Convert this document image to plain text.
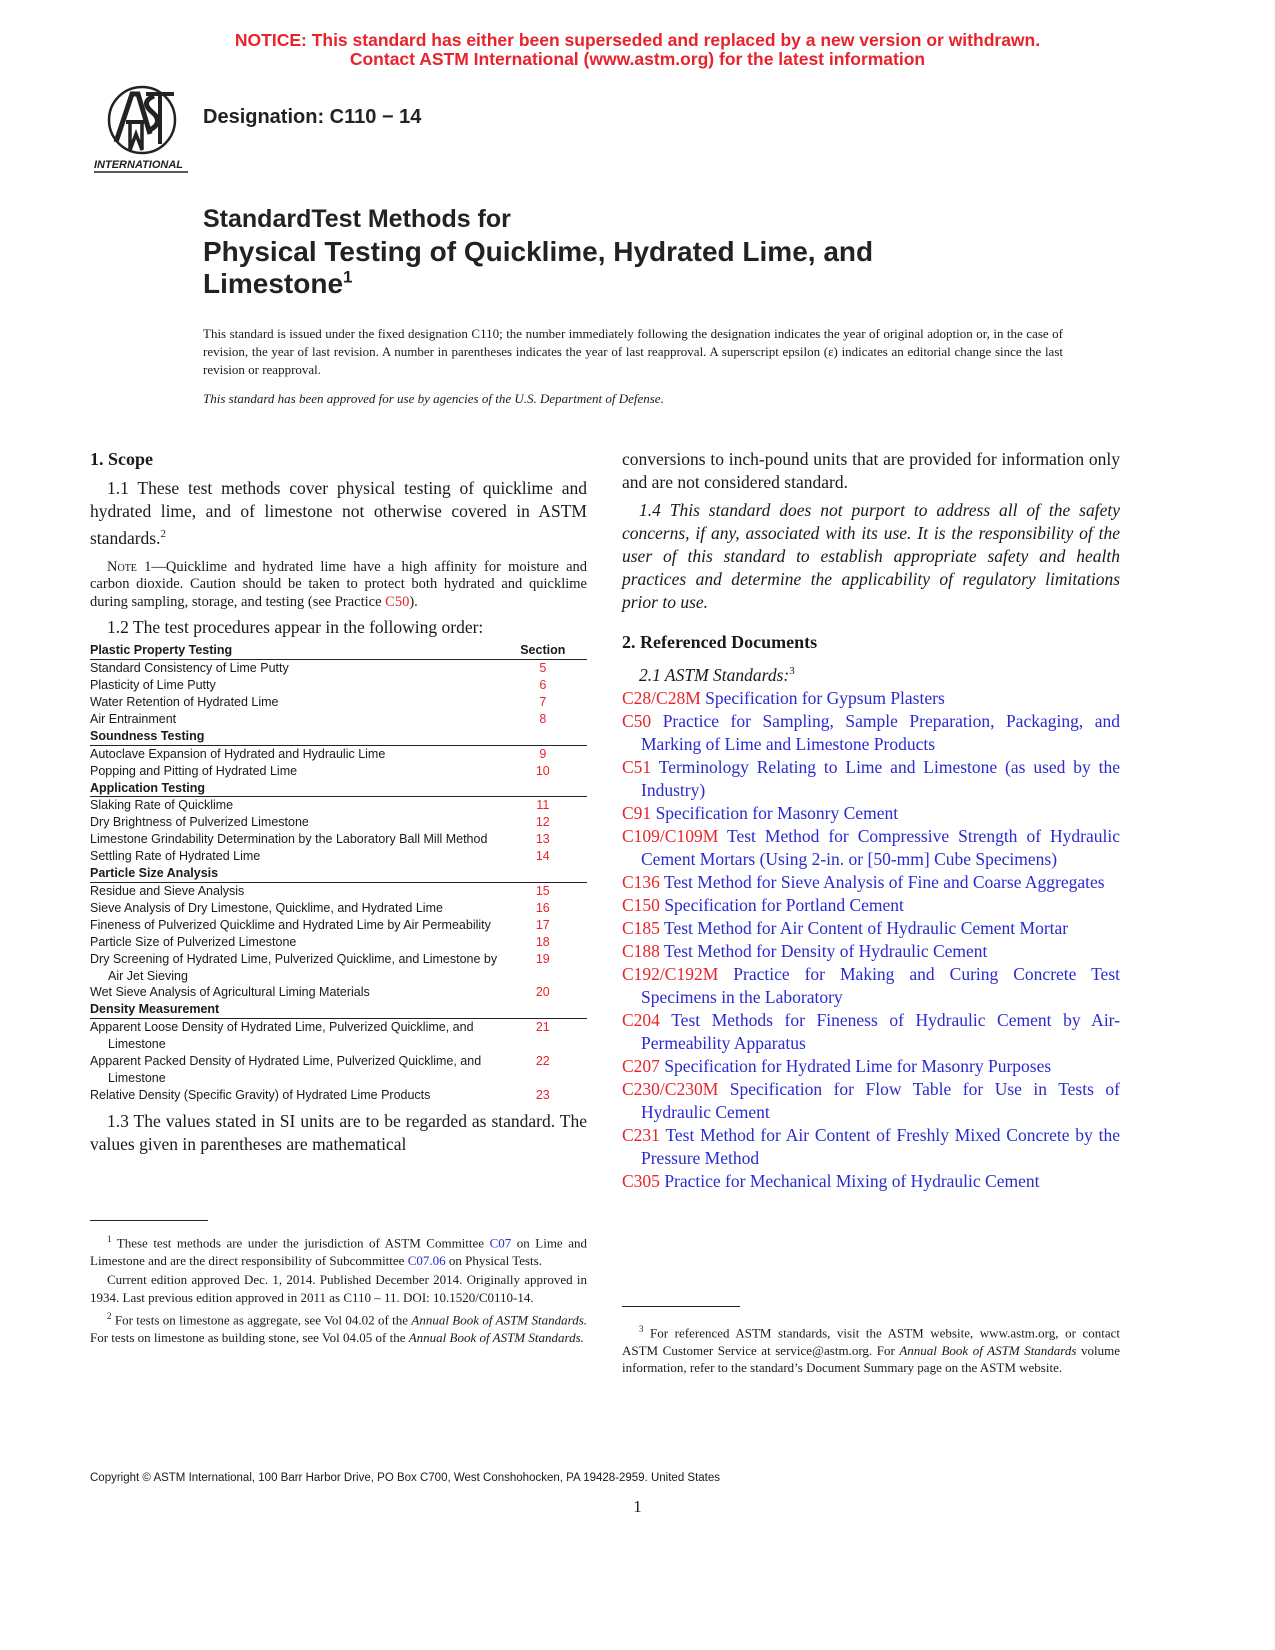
NOTICE: This standard has either been superseded and replaced by a new version or withdrawn.
Contact ASTM International (www.astm.org) for the latest information
INTERNATIONAL
Designation: C110 − 14
StandardTest Methods for
Physical Testing of Quicklime, Hydrated Lime, and Limestone$^1$
This standard is issued under the fixed designation C110; the number immediately following the designation indicates the year of original adoption or, in the case of revision, the year of last revision. A number in parentheses indicates the year of last reapproval. A superscript epsilon (ε) indicates an editorial change since the last revision or reapproval.
This standard has been approved for use by agencies of the U.S. Department of Defense.
1. Scope
1.1 These test methods cover physical testing of quicklime and hydrated lime, and of limestone not otherwise covered in ASTM standards.$^2$
Note 1—Quicklime and hydrated lime have a high affinity for moisture and carbon dioxide. Caution should be taken to protect both hydrated and quicklime during sampling, storage, and testing (see Practice C50).
1.2 The test procedures appear in the following order:
Plastic Property Testing	Section

Standard Consistency of Lime Putty	5

Plasticity of Lime Putty	6

Water Retention of Hydrated Lime	7

Air Entrainment	8
Soundness Testing	

Autoclave Expansion of Hydrated and Hydraulic Lime	9

Popping and Pitting of Hydrated Lime	10
Application Testing	

Slaking Rate of Quicklime	11

Dry Brightness of Pulverized Limestone	12

Limestone Grindability Determination by the Laboratory Ball Mill Method	13

Settling Rate of Hydrated Lime	14
Particle Size Analysis	

Residue and Sieve Analysis	15

Sieve Analysis of Dry Limestone, Quicklime, and Hydrated Lime	16

Fineness of Pulverized Quicklime and Hydrated Lime by Air Permeability	17

Particle Size of Pulverized Limestone	18

Dry Screening of Hydrated Lime, Pulverized Quicklime, and Limestone by Air Jet Sieving	19

Wet Sieve Analysis of Agricultural Liming Materials	20
Density Measurement	

Apparent Loose Density of Hydrated Lime, Pulverized Quicklime, and Limestone	21

Apparent Packed Density of Hydrated Lime, Pulverized Quicklime, and Limestone	22

Relative Density (Specific Gravity) of Hydrated Lime Products	23
1.3 The values stated in SI units are to be regarded as standard. The values given in parentheses are mathematical
$^1$ These test methods are under the jurisdiction of ASTM Committee C07 on Lime and Limestone and are the direct responsibility of Subcommittee C07.06 on Physical Tests.
Current edition approved Dec. 1, 2014. Published December 2014. Originally approved in 1934. Last previous edition approved in 2011 as C110 – 11. DOI: 10.1520/C0110-14.
$^2$ For tests on limestone as aggregate, see Vol 04.02 of the Annual Book of ASTM Standards. For tests on limestone as building stone, see Vol 04.05 of the Annual Book of ASTM Standards.
conversions to inch-pound units that are provided for information only and are not considered standard.
1.4 This standard does not purport to address all of the safety concerns, if any, associated with its use. It is the responsibility of the user of this standard to establish appropriate safety and health practices and determine the applicability of regulatory limitations prior to use.
2. Referenced Documents
2.1 ASTM Standards:$^3$
C28/C28M Specification for Gypsum Plasters
C50 Practice for Sampling, Sample Preparation, Packaging, and Marking of Lime and Limestone Products
C51 Terminology Relating to Lime and Limestone (as used by the Industry)
C91 Specification for Masonry Cement
C109/C109M Test Method for Compressive Strength of Hydraulic Cement Mortars (Using 2-in. or [50-mm] Cube Specimens)
C136 Test Method for Sieve Analysis of Fine and Coarse Aggregates
C150 Specification for Portland Cement
C185 Test Method for Air Content of Hydraulic Cement Mortar
C188 Test Method for Density of Hydraulic Cement
C192/C192M Practice for Making and Curing Concrete Test Specimens in the Laboratory
C204 Test Methods for Fineness of Hydraulic Cement by Air-Permeability Apparatus
C207 Specification for Hydrated Lime for Masonry Purposes
C230/C230M Specification for Flow Table for Use in Tests of Hydraulic Cement
C231 Test Method for Air Content of Freshly Mixed Concrete by the Pressure Method
C305 Practice for Mechanical Mixing of Hydraulic Cement
$^3$ For referenced ASTM standards, visit the ASTM website, www.astm.org, or contact ASTM Customer Service at service@astm.org. For Annual Book of ASTM Standards volume information, refer to the standard’s Document Summary page on the ASTM website.
Copyright © ASTM International, 100 Barr Harbor Drive, PO Box C700, West Conshohocken, PA 19428-2959. United States
1
